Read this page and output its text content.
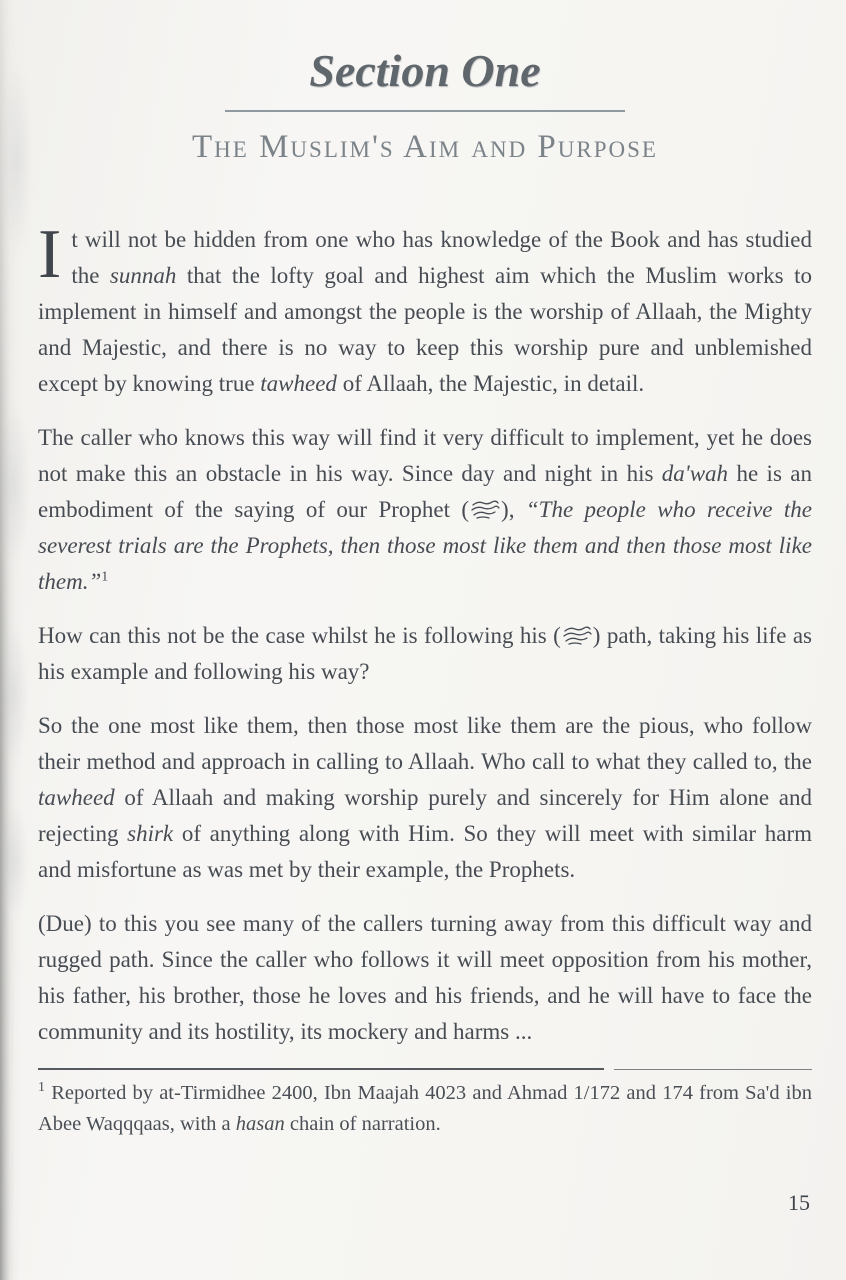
Section One
The Muslim's Aim and Purpose

It will not be hidden from one who has knowledge of the Book and has studied the sunnah that the lofty goal and highest aim which the Muslim works to implement in himself and amongst the people is the worship of Allaah, the Mighty and Majestic, and there is no way to keep this worship pure and unblemished except by knowing true tawheed of Allaah, the Majestic, in detail.

The caller who knows this way will find it very difficult to implement, yet he does not make this an obstacle in his way. Since day and night in his da'wah he is an embodiment of the saying of our Prophet ( ), “The people who receive the severest trials are the Prophets, then those most like them and then those most like them.”$^1$

How can this not be the case whilst he is following his ( ) path, taking his life as his example and following his way?

So the one most like them, then those most like them are the pious, who follow their method and approach in calling to Allaah. Who call to what they called to, the tawheed of Allaah and making worship purely and sincerely for Him alone and rejecting shirk of anything along with Him. So they will meet with similar harm and misfortune as was met by their example, the Prophets.

(Due) to this you see many of the callers turning away from this difficult way and rugged path. Since the caller who follows it will meet opposition from his mother, his father, his brother, those he loves and his friends, and he will have to face the community and its hostility, its mockery and harms ...

$^1$ Reported by at-Tirmidhee 2400, Ibn Maajah 4023 and Ahmad 1/172 and 174 from Sa'd ibn Abee Waqqqaas, with a hasan chain of narration.

15
